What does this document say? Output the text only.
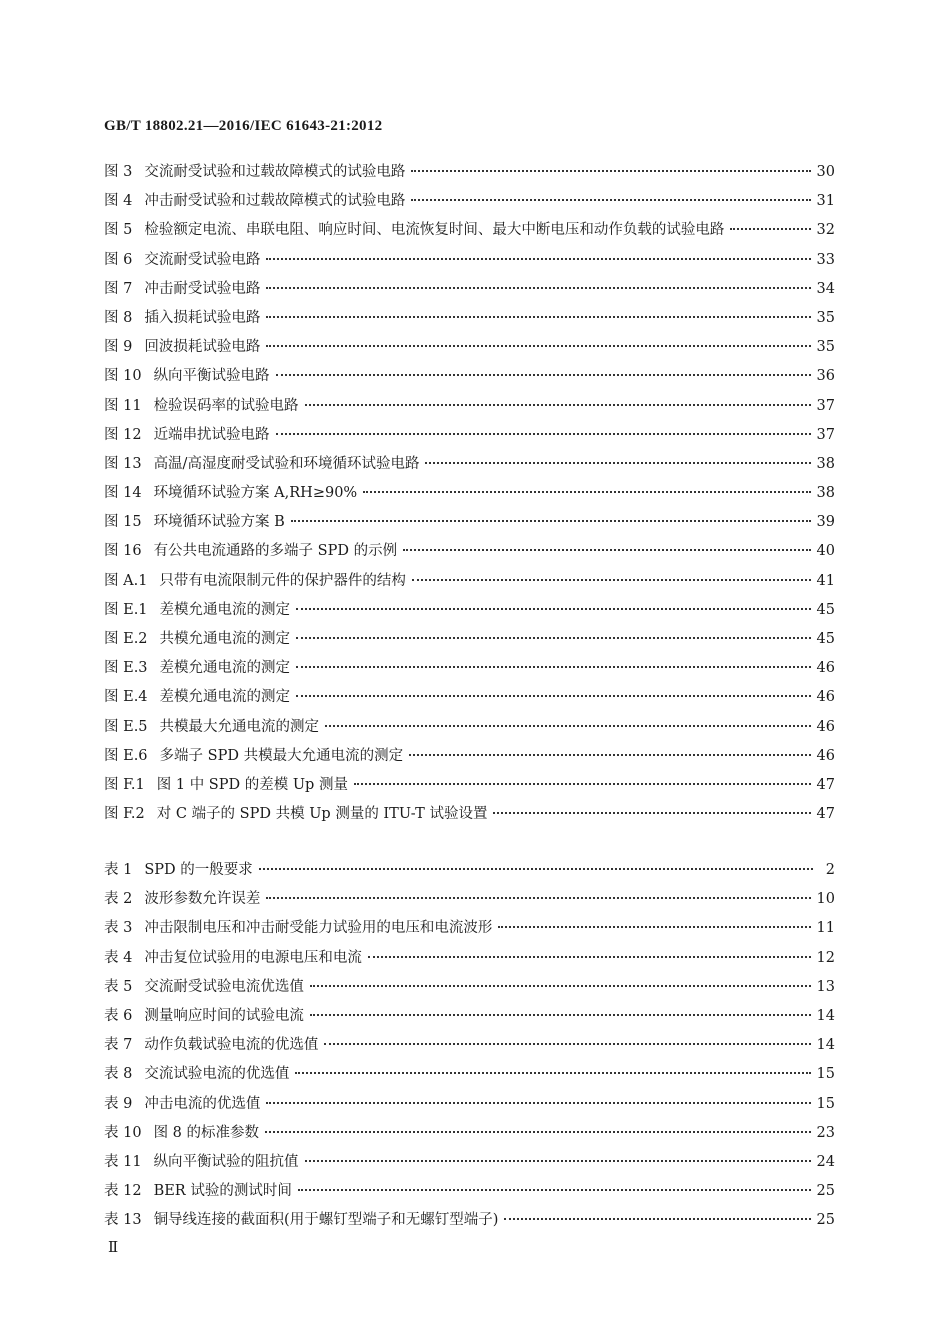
GB/T 18802.21—2016/IEC 61643-21:2012
图 3 交流耐受试验和过载故障模式的试验电路	30
图 4 冲击耐受试验和过载故障模式的试验电路	31
图 5 检验额定电流、串联电阻、响应时间、电流恢复时间、最大中断电压和动作负载的试验电路	32
图 6 交流耐受试验电路	33
图 7 冲击耐受试验电路	34
图 8 插入损耗试验电路	35
图 9 回波损耗试验电路	35
图 10 纵向平衡试验电路	36
图 11 检验误码率的试验电路	37
图 12 近端串扰试验电路	37
图 13 高温/高湿度耐受试验和环境循环试验电路	38
图 14 环境循环试验方案 A,RH≥90%	38
图 15 环境循环试验方案 B	39
图 16 有公共电流通路的多端子 SPD 的示例	40
图 A.1 只带有电流限制元件的保护器件的结构	41
图 E.1 差模允通电流的测定	45
图 E.2 共模允通电流的测定	45
图 E.3 差模允通电流的测定	46
图 E.4 差模允通电流的测定	46
图 E.5 共模最大允通电流的测定	46
图 E.6 多端子 SPD 共模最大允通电流的测定	46
图 F.1 图 1 中 SPD 的差模 Up 测量	47
图 F.2 对 C 端子的 SPD 共模 Up 测量的 ITU-T 试验设置	47
表 1 SPD 的一般要求	2
表 2 波形参数允许误差	10
表 3 冲击限制电压和冲击耐受能力试验用的电压和电流波形	11
表 4 冲击复位试验用的电源电压和电流	12
表 5 交流耐受试验电流优选值	13
表 6 测量响应时间的试验电流	14
表 7 动作负载试验电流的优选值	14
表 8 交流试验电流的优选值	15
表 9 冲击电流的优选值	15
表 10 图 8 的标准参数	23
表 11 纵向平衡试验的阻抗值	24
表 12 BER 试验的测试时间	25
表 13 铜导线连接的截面积(用于螺钉型端子和无螺钉型端子)	25
Ⅱ
